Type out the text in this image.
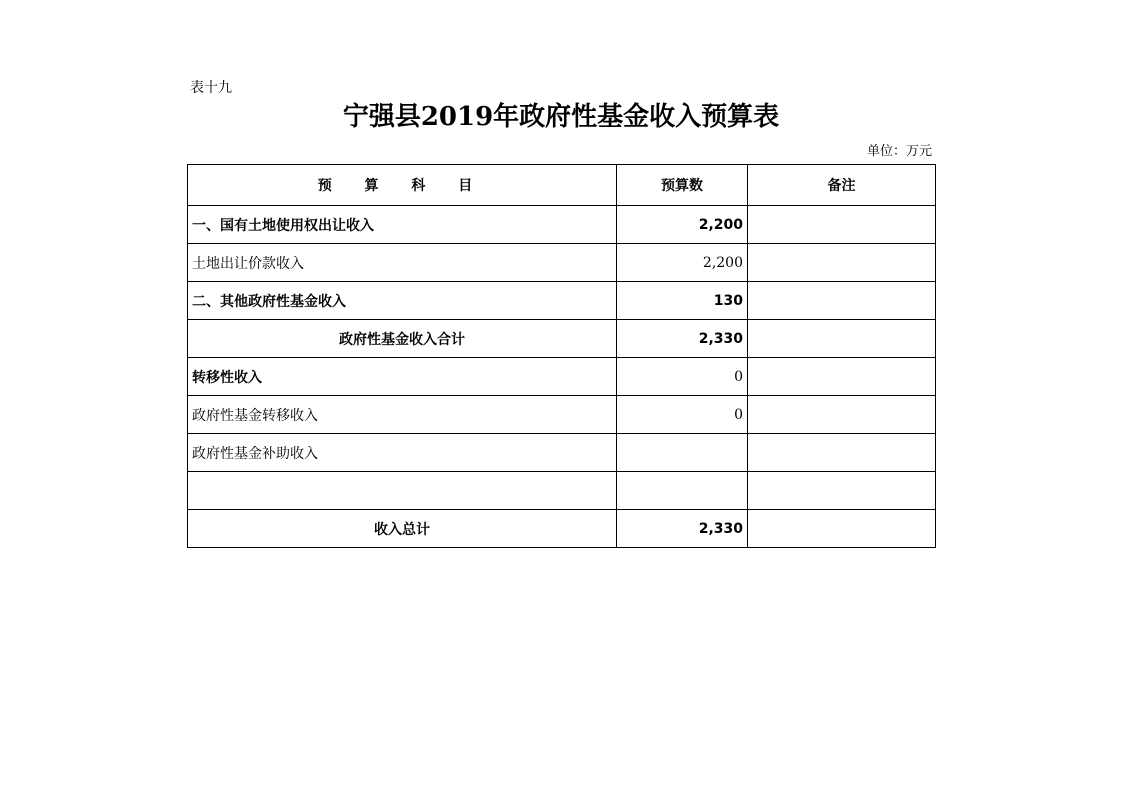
表十九
宁强县2019年政府性基金收入预算表
单位：万元
预 算 科 目	预算数	备注
一、国有土地使用权出让收入	2,200	
土地出让价款收入	2,200	
二、其他政府性基金收入	130	
政府性基金收入合计	2,330	
转移性收入	0	
政府性基金转移收入	0	
政府性基金补助收入		

收入总计	2,330	
